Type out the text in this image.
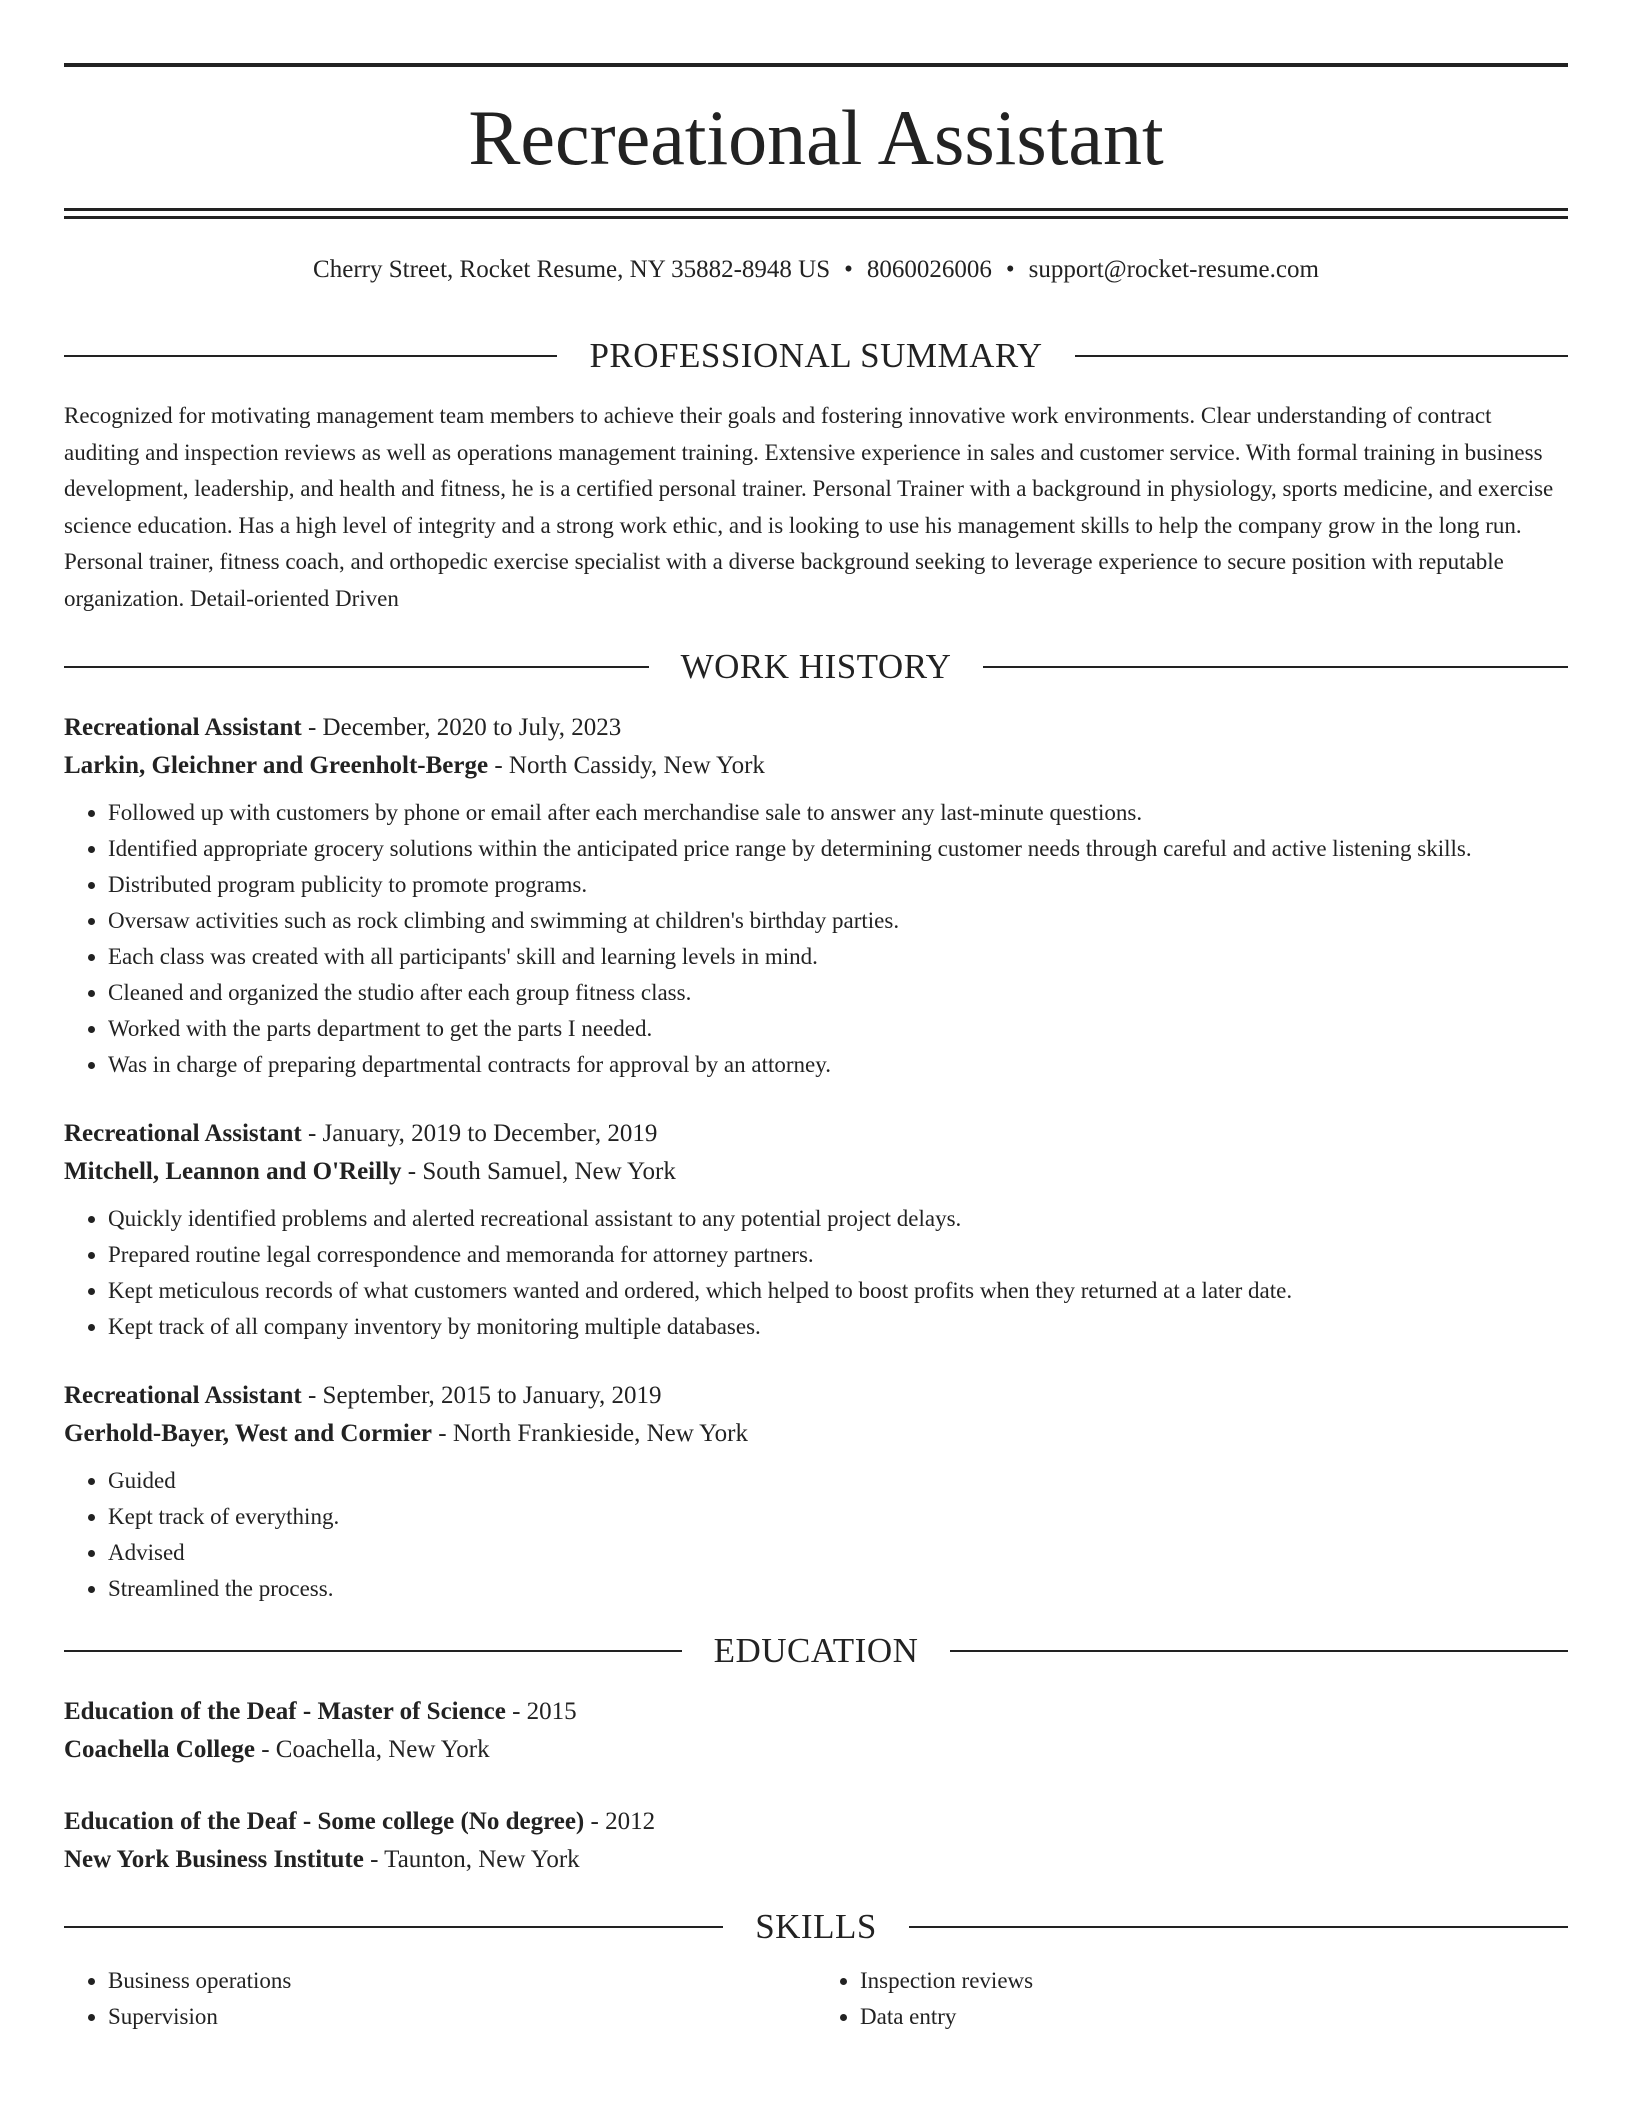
Recreational Assistant
Cherry Street, Rocket Resume, NY 35882-8948 US • 8060026006 • support@rocket-resume.com
PROFESSIONAL SUMMARY

Recognized for motivating management team members to achieve their goals and fostering innovative work environments. Clear understanding of contract auditing and inspection reviews as well as operations management training. Extensive experience in sales and customer service. With formal training in business development, leadership, and health and fitness, he is a certified personal trainer. Personal Trainer with a background in physiology, sports medicine, and exercise science education. Has a high level of integrity and a strong work ethic, and is looking to use his management skills to help the company grow in the long run. Personal trainer, fitness coach, and orthopedic exercise specialist with a diverse background seeking to leverage experience to secure position with reputable organization. Detail-oriented Driven

WORK HISTORY
Recreational Assistant - December, 2020 to July, 2023
Larkin, Gleichner and Greenholt-Berge - North Cassidy, New York
• Followed up with customers by phone or email after each merchandise sale to answer any last-minute questions.
• Identified appropriate grocery solutions within the anticipated price range by determining customer needs through careful and active listening skills.
• Distributed program publicity to promote programs.
• Oversaw activities such as rock climbing and swimming at children's birthday parties.
• Each class was created with all participants' skill and learning levels in mind.
• Cleaned and organized the studio after each group fitness class.
• Worked with the parts department to get the parts I needed.
• Was in charge of preparing departmental contracts for approval by an attorney.
Recreational Assistant - January, 2019 to December, 2019
Mitchell, Leannon and O'Reilly - South Samuel, New York
• Quickly identified problems and alerted recreational assistant to any potential project delays.
• Prepared routine legal correspondence and memoranda for attorney partners.
• Kept meticulous records of what customers wanted and ordered, which helped to boost profits when they returned at a later date.
• Kept track of all company inventory by monitoring multiple databases.
Recreational Assistant - September, 2015 to January, 2019
Gerhold-Bayer, West and Cormier - North Frankieside, New York
• Guided
• Kept track of everything.
• Advised
• Streamlined the process.
EDUCATION
Education of the Deaf - Master of Science - 2015
Coachella College - Coachella, New York
Education of the Deaf - Some college (No degree) - 2012
New York Business Institute - Taunton, New York
SKILLS
• Business operations
• Supervision
• Inspection reviews
• Data entry
